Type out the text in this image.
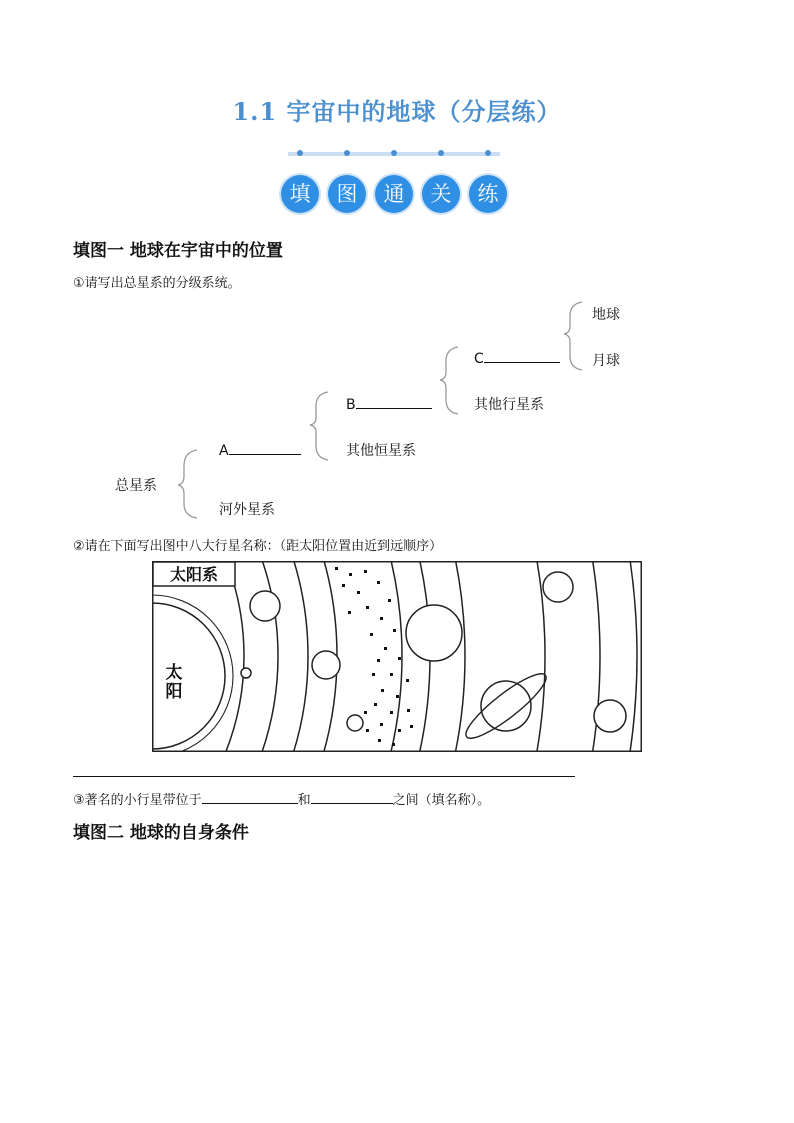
1.1 宇宙中的地球（分层练）
填	图	通	关	练
填图一 地球在宇宙中的位置
①请写出总星系的分级系统。
总星系
A
河外星系
B
其他恒星系
C
其他行星系
地球
月球
②请在下面写出图中八大行星名称：（距太阳位置由近到远顺序）
太阳系
太
阳
③著名的小行星带位于	和	之间（填名称）。
填图二 地球的自身条件
